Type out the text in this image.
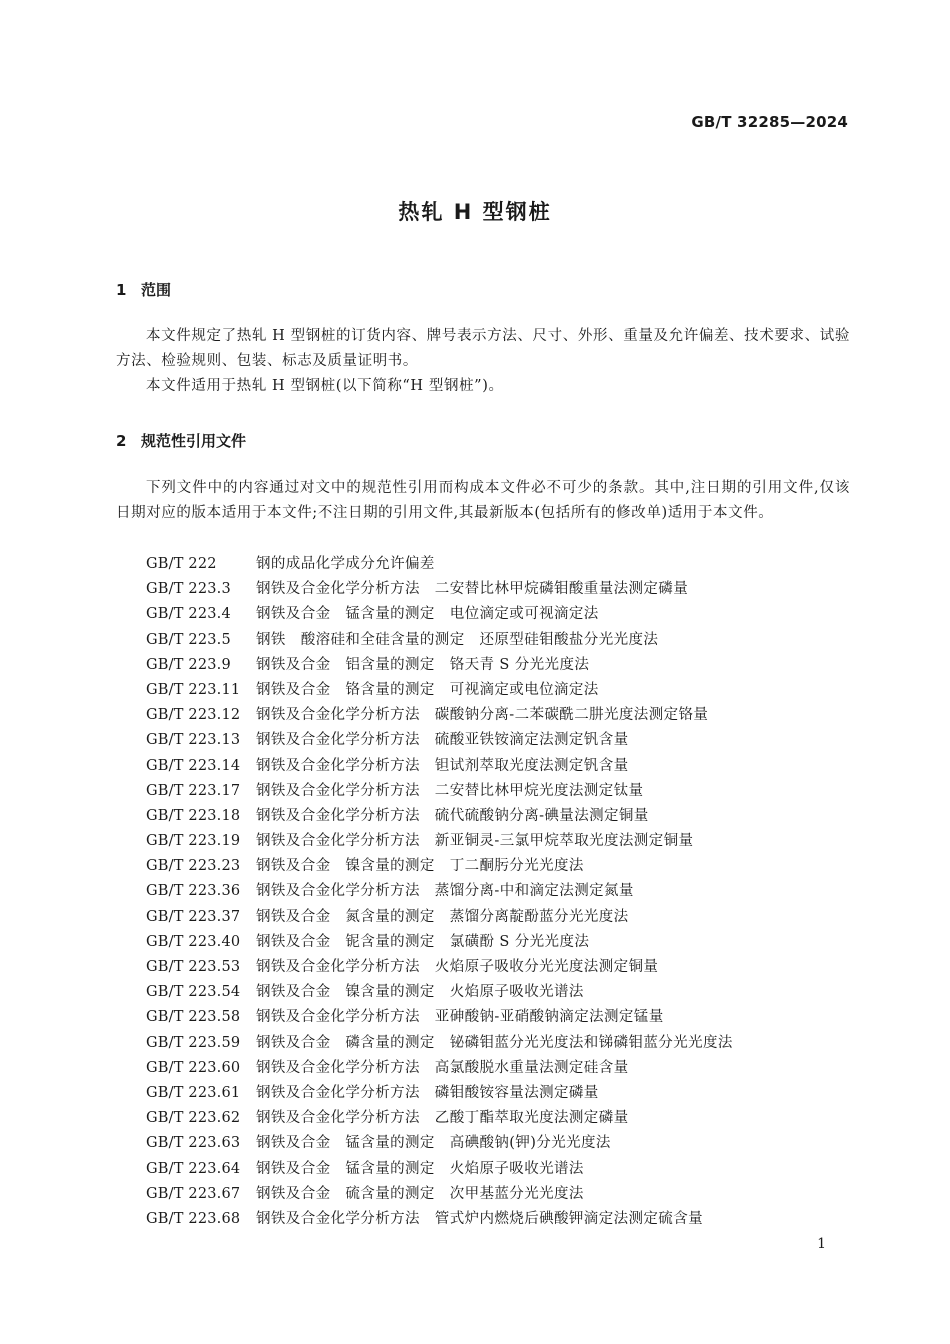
GB/T 32285—2024
热轧 H 型钢桩
1 范围

本文件规定了热轧 H 型钢桩的订货内容、牌号表示方法、尺寸、外形、重量及允许偏差、技术要求、试验方法、检验规则、包装、标志及质量证明书。

本文件适用于热轧 H 型钢桩(以下简称“H 型钢桩”)。

2 规范性引用文件

下列文件中的内容通过对文中的规范性引用而构成本文件必不可少的条款。其中,注日期的引用文件,仅该日期对应的版本适用于本文件;不注日期的引用文件,其最新版本(包括所有的修改单)适用于本文件。

GB/T 222	钢的成品化学成分允许偏差
GB/T 223.3 钢铁及合金化学分析方法　二安替比林甲烷磷钼酸重量法测定磷量
GB/T 223.4 钢铁及合金　锰含量的测定　电位滴定或可视滴定法
GB/T 223.5 钢铁　酸溶硅和全硅含量的测定　还原型硅钼酸盐分光光度法
GB/T 223.9 钢铁及合金　铝含量的测定　铬天青 S 分光光度法
GB/T 223.11 钢铁及合金　铬含量的测定　可视滴定或电位滴定法
GB/T 223.12 钢铁及合金化学分析方法　碳酸钠分离-二苯碳酰二肼光度法测定铬量
GB/T 223.13 钢铁及合金化学分析方法　硫酸亚铁铵滴定法测定钒含量
GB/T 223.14 钢铁及合金化学分析方法　钽试剂萃取光度法测定钒含量
GB/T 223.17 钢铁及合金化学分析方法　二安替比林甲烷光度法测定钛量
GB/T 223.18 钢铁及合金化学分析方法　硫代硫酸钠分离-碘量法测定铜量
GB/T 223.19 钢铁及合金化学分析方法　新亚铜灵-三氯甲烷萃取光度法测定铜量
GB/T 223.23 钢铁及合金　镍含量的测定　丁二酮肟分光光度法
GB/T 223.36 钢铁及合金化学分析方法　蒸馏分离-中和滴定法测定氮量
GB/T 223.37 钢铁及合金　氮含量的测定　蒸馏分离靛酚蓝分光光度法
GB/T 223.40 钢铁及合金　铌含量的测定　氯磺酚 S 分光光度法
GB/T 223.53 钢铁及合金化学分析方法　火焰原子吸收分光光度法测定铜量
GB/T 223.54 钢铁及合金　镍含量的测定　火焰原子吸收光谱法
GB/T 223.58 钢铁及合金化学分析方法　亚砷酸钠-亚硝酸钠滴定法测定锰量
GB/T 223.59 钢铁及合金　磷含量的测定　铋磷钼蓝分光光度法和锑磷钼蓝分光光度法
GB/T 223.60 钢铁及合金化学分析方法　高氯酸脱水重量法测定硅含量
GB/T 223.61 钢铁及合金化学分析方法　磷钼酸铵容量法测定磷量
GB/T 223.62 钢铁及合金化学分析方法　乙酸丁酯萃取光度法测定磷量
GB/T 223.63 钢铁及合金　锰含量的测定　高碘酸钠(钾)分光光度法
GB/T 223.64 钢铁及合金　锰含量的测定　火焰原子吸收光谱法
GB/T 223.67 钢铁及合金　硫含量的测定　次甲基蓝分光光度法
GB/T 223.68 钢铁及合金化学分析方法　管式炉内燃烧后碘酸钾滴定法测定硫含量
1
